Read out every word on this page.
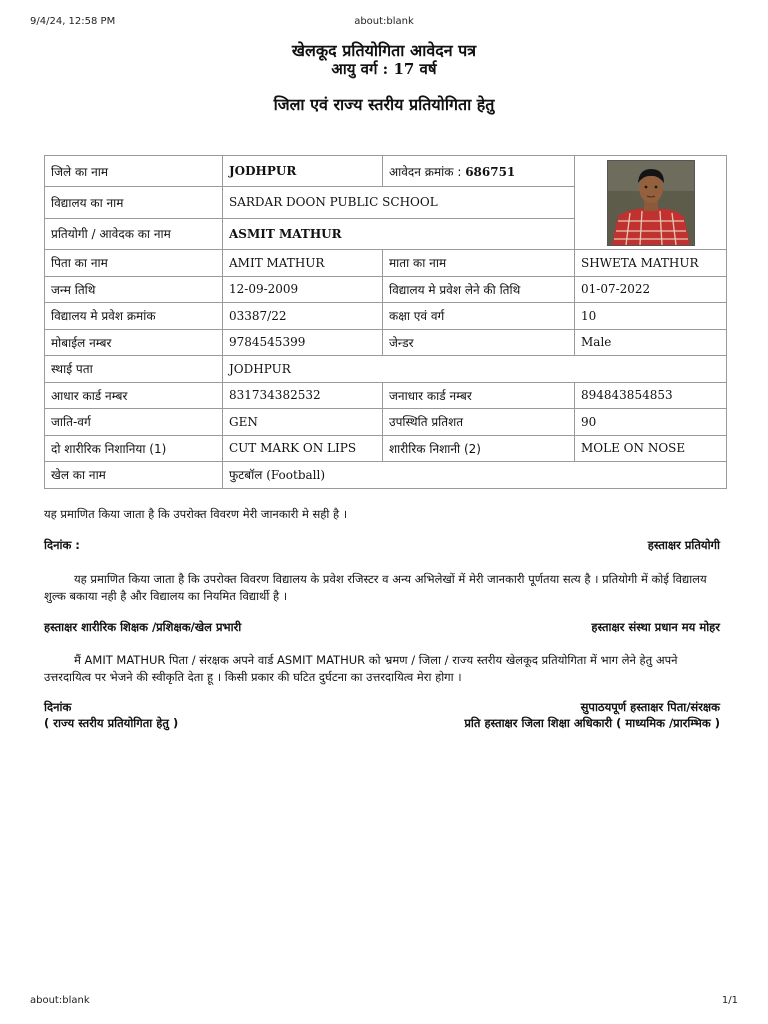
9/4/24, 12:58 PM	about:blank
खेलकूद प्रतियोगिता आवेदन पत्र
आयु वर्ग : 17 वर्ष
जिला एवं राज्य स्तरीय प्रतियोगिता हेतु
जिले का नाम	JODHPUR	आवेदन क्रमांक : 686751	
विद्यालय का नाम	SARDAR DOON PUBLIC SCHOOL		
प्रतियोगी / आवेदक का नाम	ASMIT MATHUR		
पिता का नाम	AMIT MATHUR	माता का नाम	SHWETA MATHUR
जन्म तिथि	12-09-2009	विद्यालय मे प्रवेश लेने की तिथि	01-07-2022
विद्यालय मे प्रवेश क्रमांक	03387/22	कक्षा एवं वर्ग	10
मोबाईल नम्बर	9784545399	जेन्डर	Male
स्थाई पता	JODHPUR		
आधार कार्ड नम्बर	831734382532	जनाधार कार्ड नम्बर	894843854853
जाति-वर्ग	GEN	उपस्थिति प्रतिशत	90
दो शारीरिक निशानिया (1)	CUT MARK ON LIPS	शारीरिक निशानी (2)	MOLE ON NOSE
खेल का नाम	फुटबॉल (Football)		
यह प्रमाणित किया जाता है कि उपरोक्त विवरण मेरी जानकारी मे सही है ।
दिनांक :	हस्ताक्षर प्रतियोगी
यह प्रमाणित किया जाता है कि उपरोक्त विवरण विद्यालय के प्रवेश रजिस्टर व अन्य अभिलेखों में मेरी जानकारी पूर्णतया सत्य है । प्रतियोगी में कोई विद्यालय शुल्क बकाया नही है और विद्यालय का नियमित विद्यार्थी है ।
हस्ताक्षर शारीरिक शिक्षक /प्रशिक्षक/खेल प्रभारी	हस्ताक्षर संस्था प्रधान मय मोहर
मैं AMIT MATHUR पिता / संरक्षक अपने वार्ड ASMIT MATHUR को भ्रमण / जिला / राज्य स्तरीय खेलकूद प्रतियोगिता में भाग लेने हेतु अपने उत्तरदायित्व पर भेजने की स्वीकृति देता हू । किसी प्रकार की घटित दुर्घटना का उत्तरदायित्व मेरा होगा ।
दिनांक	सुपाठयपूर्ण हस्ताक्षर पिता/संरक्षक
( राज्य स्तरीय प्रतियोगिता हेतु )	प्रति हस्ताक्षर जिला शिक्षा अधिकारी ( माध्यमिक /प्रारम्भिक )
about:blank	1/1
